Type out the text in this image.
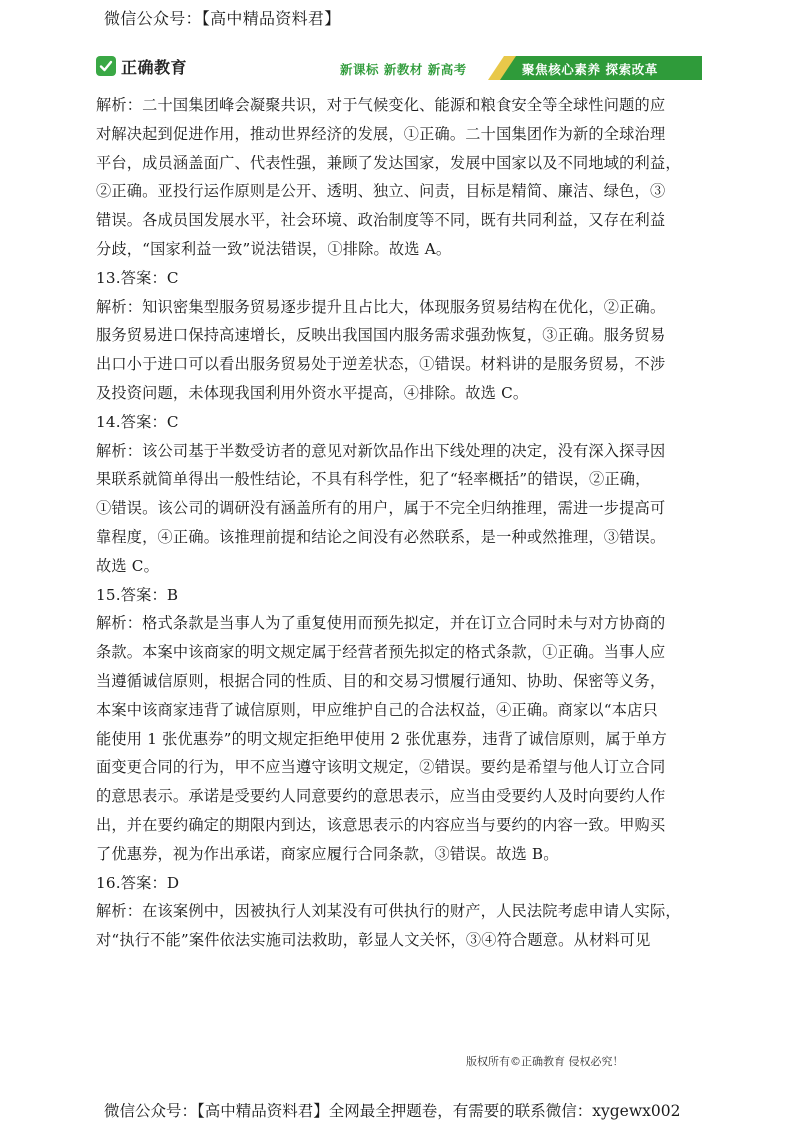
微信公众号：【高中精品资料君】
正确教育	新课标 新教材 新高考	聚焦核心素养 探索改革
解析：二十国集团峰会凝聚共识，对于气候变化、能源和粮食安全等全球性问题的应
对解决起到促进作用，推动世界经济的发展，①正确。二十国集团作为新的全球治理
平台，成员涵盖面广、代表性强，兼顾了发达国家，发展中国家以及不同地域的利益，
②正确。亚投行运作原则是公开、透明、独立、问责，目标是精简、廉洁、绿色，③
错误。各成员国发展水平，社会环境、政治制度等不同，既有共同利益，又存在利益
分歧，“国家利益一致”说法错误，①排除。故选 A。
13.答案：C
解析：知识密集型服务贸易逐步提升且占比大，体现服务贸易结构在优化，②正确。
服务贸易进口保持高速增长，反映出我国国内服务需求强劲恢复，③正确。服务贸易
出口小于进口可以看出服务贸易处于逆差状态，①错误。材料讲的是服务贸易，不涉
及投资问题，未体现我国利用外资水平提高，④排除。故选 C。
14.答案：C
解析：该公司基于半数受访者的意见对新饮品作出下线处理的决定，没有深入探寻因
果联系就简单得出一般性结论，不具有科学性，犯了“轻率概括”的错误，②正确，
①错误。该公司的调研没有涵盖所有的用户，属于不完全归纳推理，需进一步提高可
靠程度，④正确。该推理前提和结论之间没有必然联系，是一种或然推理，③错误。
故选 C。
15.答案：B
解析：格式条款是当事人为了重复使用而预先拟定，并在订立合同时未与对方协商的
条款。本案中该商家的明文规定属于经营者预先拟定的格式条款，①正确。当事人应
当遵循诚信原则，根据合同的性质、目的和交易习惯履行通知、协助、保密等义务，
本案中该商家违背了诚信原则，甲应维护自己的合法权益，④正确。商家以“本店只
能使用 1 张优惠券”的明文规定拒绝甲使用 2 张优惠券，违背了诚信原则，属于单方
面变更合同的行为，甲不应当遵守该明文规定，②错误。要约是希望与他人订立合同
的意思表示。承诺是受要约人同意要约的意思表示，应当由受要约人及时向要约人作
出，并在要约确定的期限内到达，该意思表示的内容应当与要约的内容一致。甲购买
了优惠券，视为作出承诺，商家应履行合同条款，③错误。故选 B。
16.答案：D
解析：在该案例中，因被执行人刘某没有可供执行的财产，人民法院考虑申请人实际，
对“执行不能”案件依法实施司法救助，彰显人文关怀，③④符合题意。从材料可见
版权所有©正确教育 侵权必究！
微信公众号：【高中精品资料君】全网最全押题卷，有需要的联系微信：xygewx002
